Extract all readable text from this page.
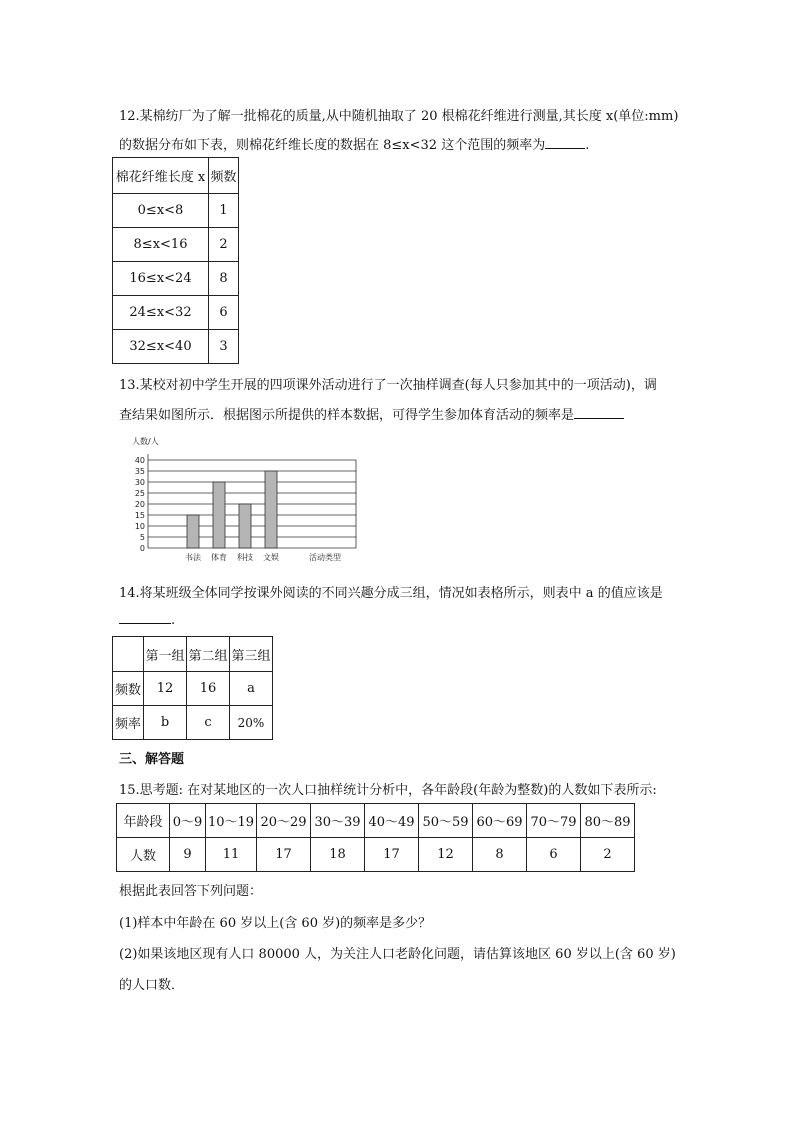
12.某棉纺厂为了解一批棉花的质量,从中随机抽取了 20 根棉花纤维进行测量,其长度 x(单位:mm)
的数据分布如下表，则棉花纤维长度的数据在 8≤x<32 这个范围的频率为	.
棉花纤维长度 x	频数
0≤x<8	1
8≤x<16	2
16≤x<24	8
24≤x<32	6
32≤x<40	3
13.某校对初中学生开展的四项课外活动进行了一次抽样调查(每人只参加其中的一项活动)，调
查结果如图所示．根据图示所提供的样本数据，可得学生参加体育活动的频率是
人数/人
0
5
10
15
20
25
30
35
40
书法 体育 科技 文娱	活动类型
14.将某班级全体同学按课外阅读的不同兴趣分成三组，情况如表格所示，则表中 a 的值应该是
.
	第一组	第二组	第三组
频数	12	16	a
频率	b	c	20%
三、解答题
15.思考题: 在对某地区的一次人口抽样统计分析中，各年龄段(年龄为整数)的人数如下表所示:
年龄段	0～9	10～19	20～29	30～39	40～49	50～59	60～69	70～79	80～89
人数	9	11	17	18	17	12	8	6	2
根据此表回答下列问题：
(1)样本中年龄在 60 岁以上(含 60 岁)的频率是多少？
(2)如果该地区现有人口 80000 人，为关注人口老龄化问题，请估算该地区 60 岁以上(含 60 岁)
的人口数．
